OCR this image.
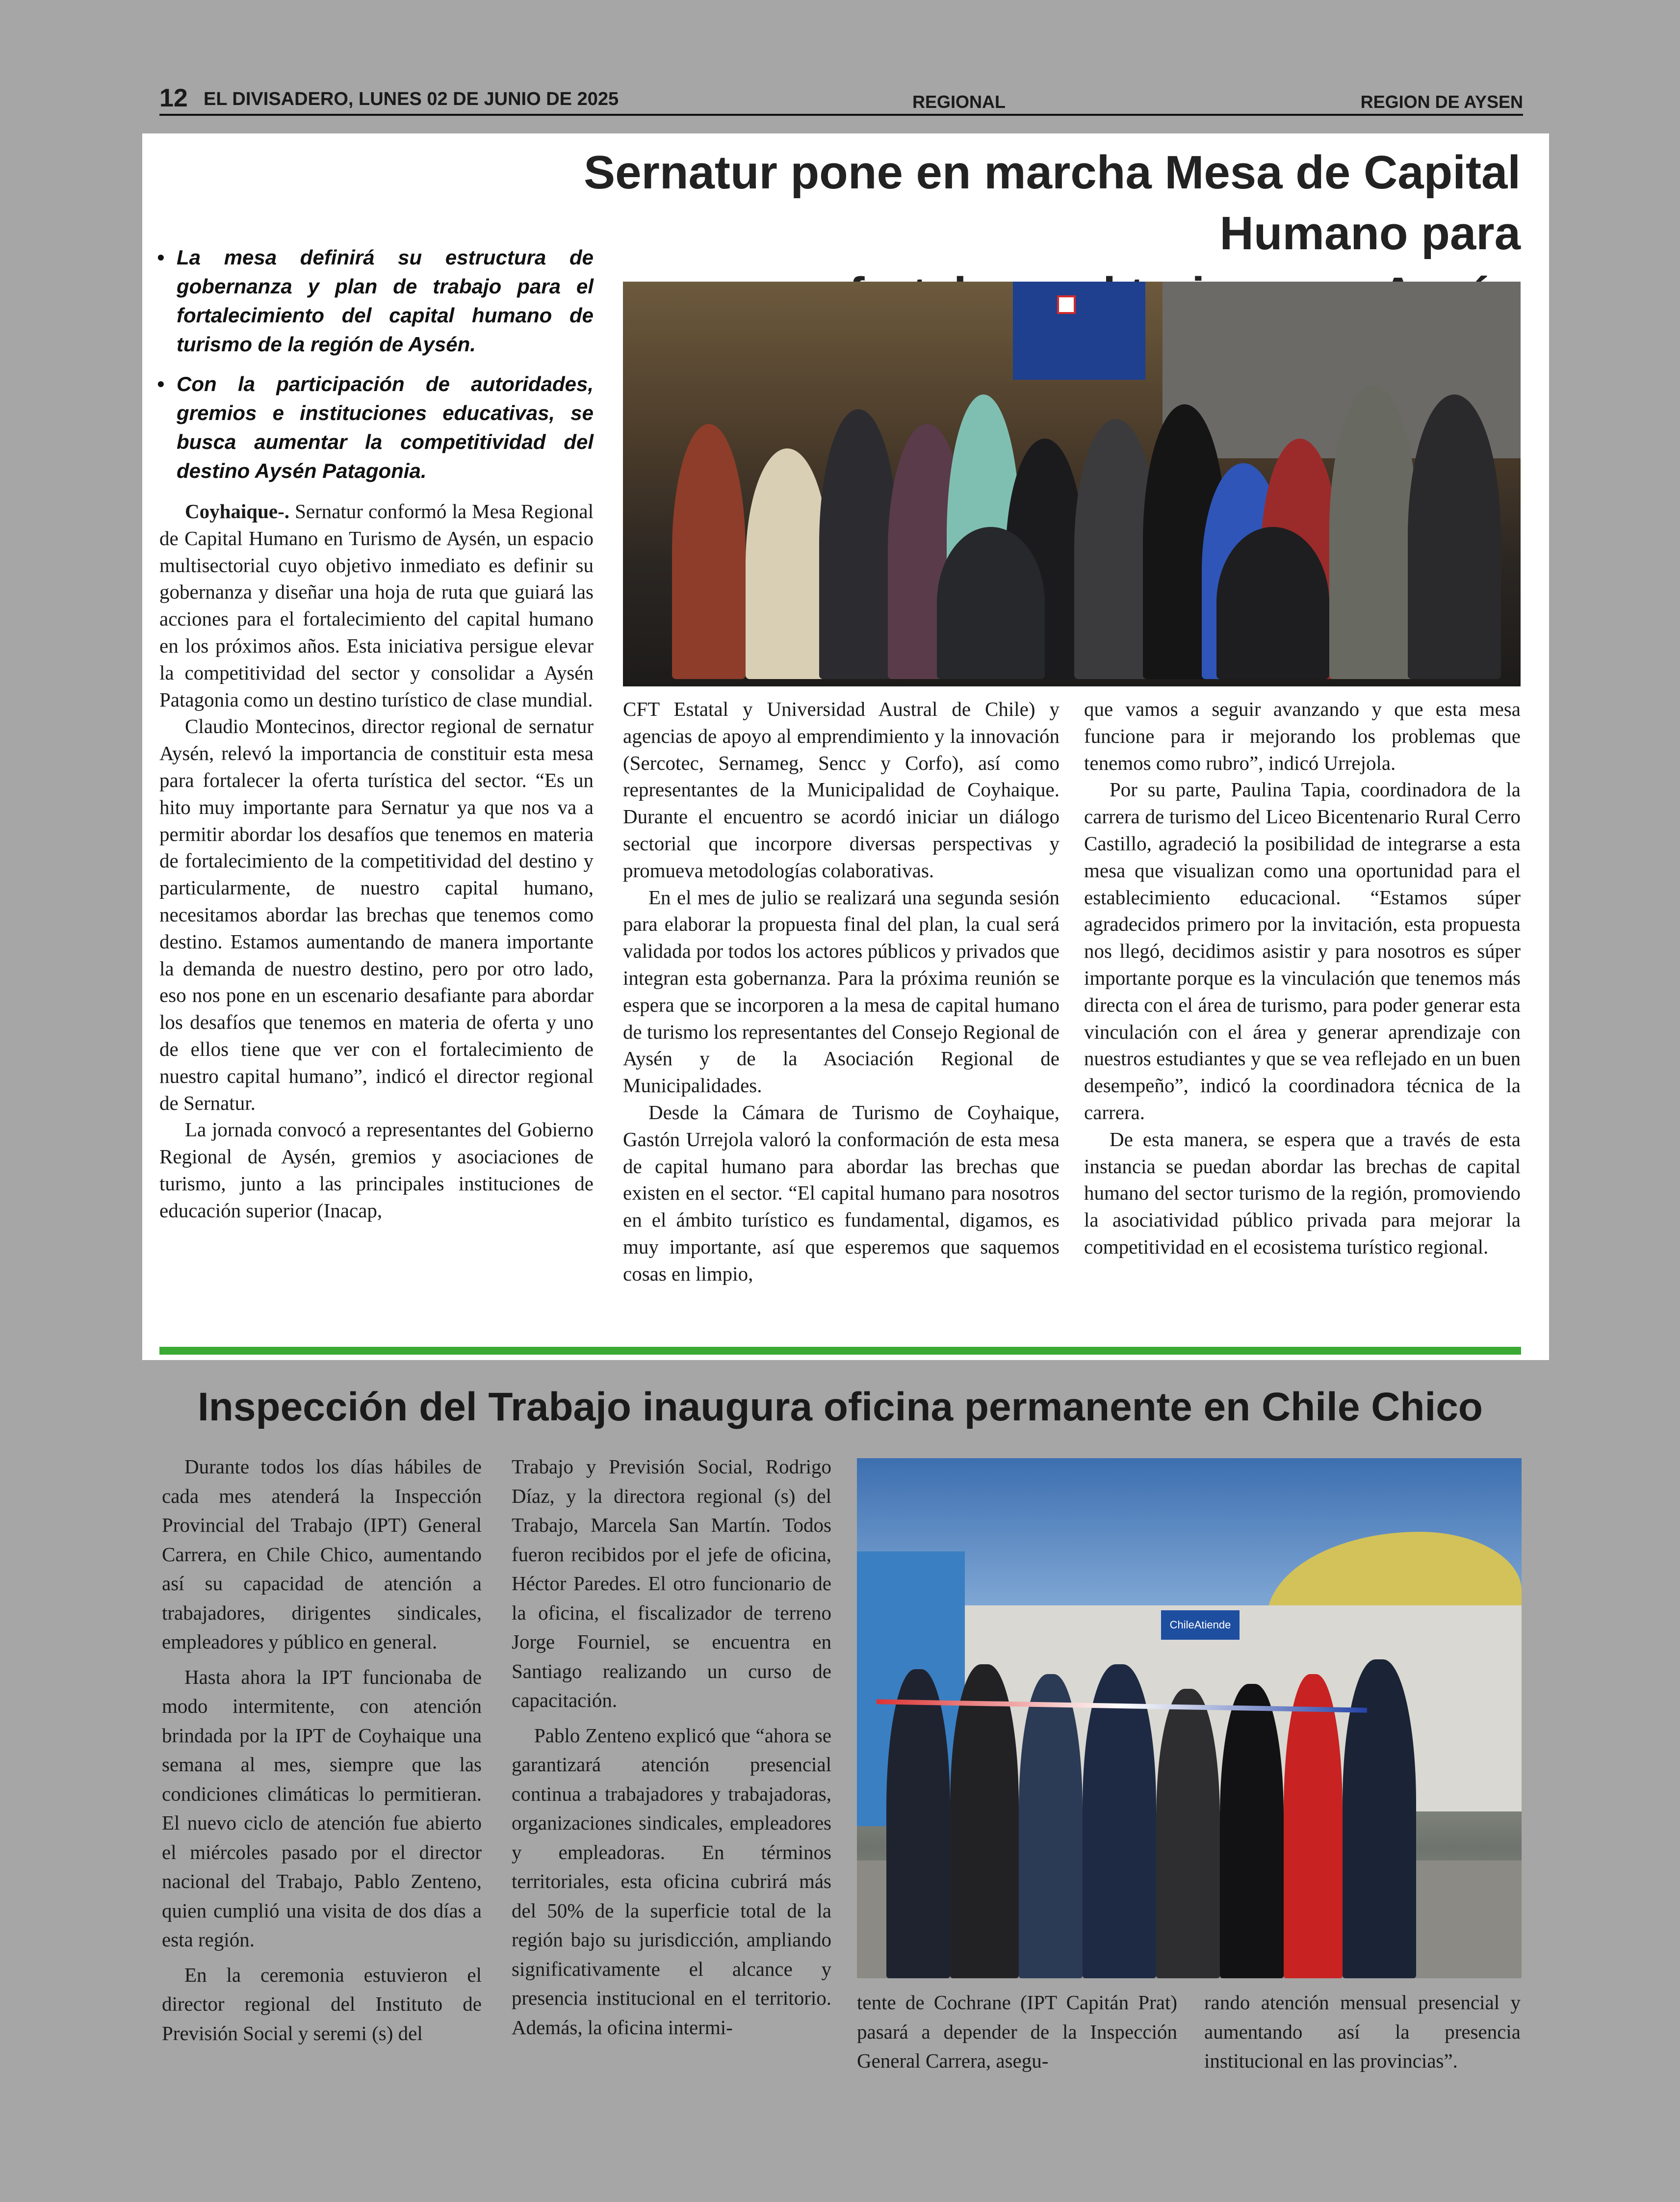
12 EL DIVISADERO, LUNES 02 DE JUNIO DE 2025	REGIONAL	REGION DE AYSEN
Sernatur pone en marcha Mesa de Capital Humano para
• La mesa definirá su estructura de gobernanza y plan de trabajo para el fortalecimiento del capital humano de turismo de la región de Aysén.
• Con la participación de autoridades, gremios e instituciones educativas, se busca aumentar la competitividad del destino Aysén Patagonia.

Coyhaique-. Sernatur conformó la Mesa Regional de Capital Humano en Turismo de Aysén, un espacio multisectorial cuyo objetivo inmediato es definir su gobernanza y diseñar una hoja de ruta que guiará las acciones para el fortalecimiento del capital humano en los próximos años. Esta iniciativa persigue elevar la competitividad del sector y consolidar a Aysén Patagonia como un destino turístico de clase mundial.

Claudio Montecinos, director regional de sernatur Aysén, relevó la importancia de constituir esta mesa para fortalecer la oferta turística del sector. “Es un hito muy importante para Sernatur ya que nos va a permitir abordar los desafíos que tenemos en materia de fortalecimiento de la competitividad del destino y particularmente, de nuestro capital humano, necesitamos abordar las brechas que tenemos como destino. Estamos aumentando de manera importante la demanda de nuestro destino, pero por otro lado, eso nos pone en un escenario desafiante para abordar los desafíos que tenemos en materia de oferta y uno de ellos tiene que ver con el fortalecimiento de nuestro capital humano”, indicó el director regional de Sernatur.

La jornada convocó a representantes del Gobierno Regional de Aysén, gremios y asociaciones de turismo, junto a las principales instituciones de educación superior (Inacap,

CFT Estatal y Universidad Austral de Chile) y agencias de apoyo al emprendimiento y la innovación (Sercotec, Sernameg, Sencc y Corfo), así como representantes de la Municipalidad de Coyhaique. Durante el encuentro se acordó iniciar un diálogo sectorial que incorpore diversas perspectivas y promueva metodologías colaborativas.

En el mes de julio se realizará una segunda sesión para elaborar la propuesta final del plan, la cual será validada por todos los actores públicos y privados que integran esta gobernanza. Para la próxima reunión se espera que se incorporen a la mesa de capital humano de turismo los representantes del Consejo Regional de Aysén y de la Asociación Regional de Municipalidades.

Desde la Cámara de Turismo de Coyhaique, Gastón Urrejola valoró la conformación de esta mesa de capital humano para abordar las brechas que existen en el sector. “El capital humano para nosotros en el ámbito turístico es fundamental, digamos, es muy importante, así que esperemos que saquemos cosas en limpio,

que vamos a seguir avanzando y que esta mesa funcione para ir mejorando los problemas que tenemos como rubro”, indicó Urrejola.

Por su parte, Paulina Tapia, coordinadora de la carrera de turismo del Liceo Bicentenario Rural Cerro Castillo, agradeció la posibilidad de integrarse a esta mesa que visualizan como una oportunidad para el establecimiento educacional. “Estamos súper agradecidos primero por la invitación, esta propuesta nos llegó, decidimos asistir y para nosotros es súper importante porque es la vinculación que tenemos más directa con el área de turismo, para poder generar esta vinculación con el área y generar aprendizaje con nuestros estudiantes y que se vea reflejado en un buen desempeño”, indicó la coordinadora técnica de la carrera.

De esta manera, se espera que a través de esta instancia se puedan abordar las brechas de capital humano del sector turismo de la región, promoviendo la asociatividad público privada para mejorar la competitividad en el ecosistema turístico regional.

Inspección del Trabajo inaugura oficina permanente en Chile Chico

Durante todos los días hábiles de cada mes atenderá la Inspección Provincial del Trabajo (IPT) General Carrera, en Chile Chico, aumentando así su capacidad de atención a trabajadores, dirigentes sindicales, empleadores y público en general.

Hasta ahora la IPT funcionaba de modo intermitente, con atención brindada por la IPT de Coyhaique una semana al mes, siempre que las condiciones climáticas lo permitieran. El nuevo ciclo de atención fue abierto el miércoles pasado por el director nacional del Trabajo, Pablo Zenteno, quien cumplió una visita de dos días a esta región.

En la ceremonia estuvieron el director regional del Instituto de Previsión Social y seremi (s) del

Trabajo y Previsión Social, Rodrigo Díaz, y la directora regional (s) del Trabajo, Marcela San Martín. Todos fueron recibidos por el jefe de oficina, Héctor Paredes. El otro funcionario de la oficina, el fiscalizador de terreno Jorge Fourniel, se encuentra en Santiago realizando un curso de capacitación.

Pablo Zenteno explicó que “ahora se garantizará atención presencial continua a trabajadores y trabajadoras, organizaciones sindicales, empleadores y empleadoras. En términos territoriales, esta oficina cubrirá más del 50% de la superficie total de la región bajo su jurisdicción, ampliando significativamente el alcance y presencia institucional en el territorio. Además, la oficina intermi-

ChileAtiende

tente de Cochrane (IPT Capitán Prat) pasará a depender de la Inspección General Carrera, asegu-

rando atención mensual presencial y aumentando así la presencia institucional en las provincias”.
